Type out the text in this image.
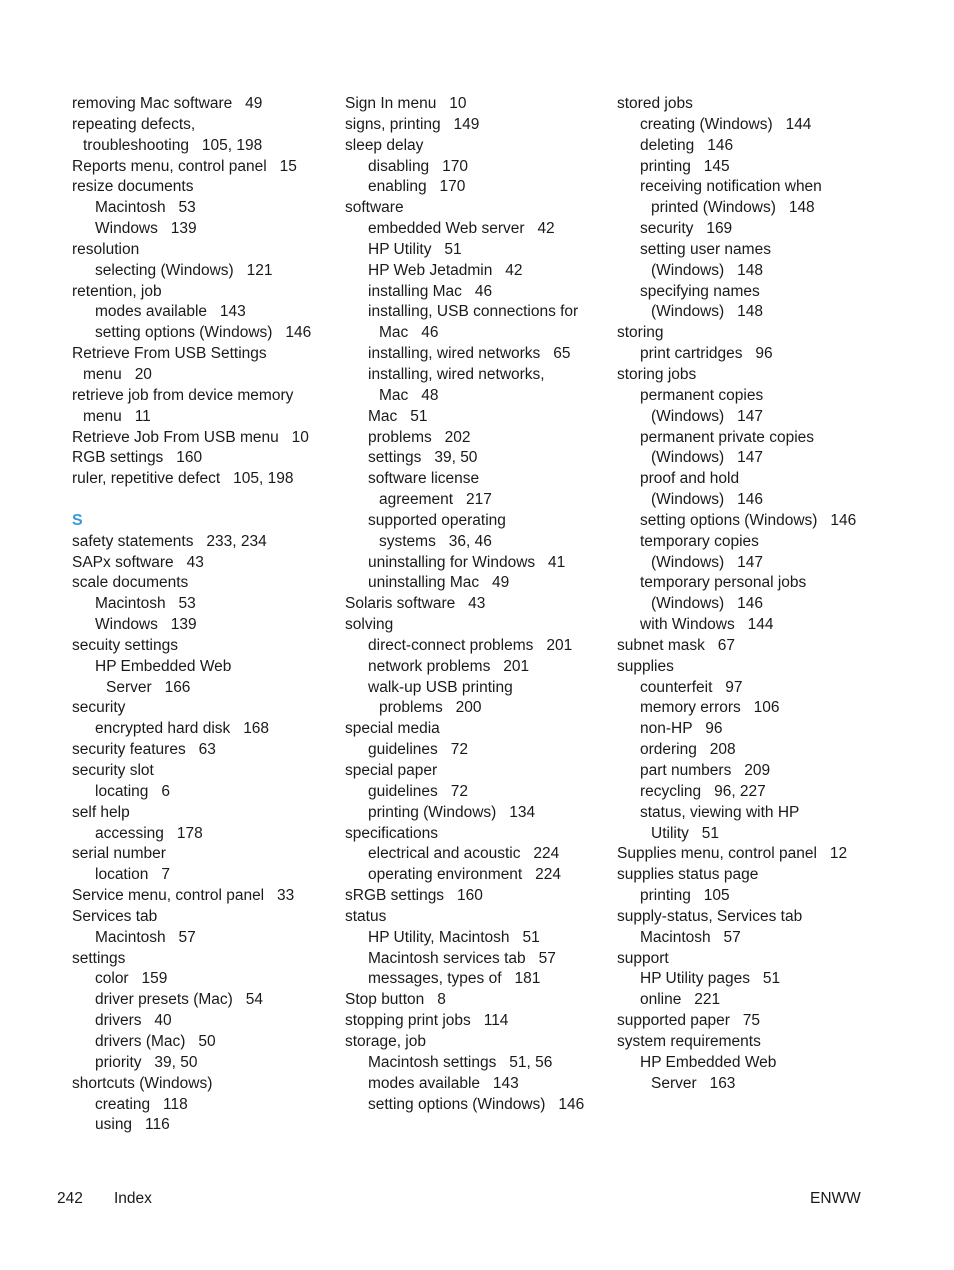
removing Mac software   49
repeating defects,
troubleshooting   105, 198
Reports menu, control panel   15
resize documents
Macintosh   53
Windows   139
resolution
selecting (Windows)   121
retention, job
modes available   143
setting options (Windows)   146
Retrieve From USB Settings
menu   20
retrieve job from device memory
menu   11
Retrieve Job From USB menu   10
RGB settings   160
ruler, repetitive defect   105, 198
S
safety statements   233, 234
SAPx software   43
scale documents
Macintosh   53
Windows   139
secuity settings
HP Embedded Web
Server   166
security
encrypted hard disk   168
security features   63
security slot
locating   6
self help
accessing   178
serial number
location   7
Service menu, control panel   33
Services tab
Macintosh   57
settings
color   159
driver presets (Mac)   54
drivers   40
drivers (Mac)   50
priority   39, 50
shortcuts (Windows)
creating   118
using   116
Sign In menu   10
signs, printing   149
sleep delay
disabling   170
enabling   170
software
embedded Web server   42
HP Utility   51
HP Web Jetadmin   42
installing Mac   46
installing, USB connections for
Mac   46
installing, wired networks   65
installing, wired networks,
Mac   48
Mac   51
problems   202
settings   39, 50
software license
agreement   217
supported operating
systems   36, 46
uninstalling for Windows   41
uninstalling Mac   49
Solaris software   43
solving
direct-connect problems   201
network problems   201
walk-up USB printing
problems   200
special media
guidelines   72
special paper
guidelines   72
printing (Windows)   134
specifications
electrical and acoustic   224
operating environment   224
sRGB settings   160
status
HP Utility, Macintosh   51
Macintosh services tab   57
messages, types of   181
Stop button   8
stopping print jobs   114
storage, job
Macintosh settings   51, 56
modes available   143
setting options (Windows)   146
stored jobs
creating (Windows)   144
deleting   146
printing   145
receiving notification when
printed (Windows)   148
security   169
setting user names
(Windows)   148
specifying names
(Windows)   148
storing
print cartridges   96
storing jobs
permanent copies
(Windows)   147
permanent private copies
(Windows)   147
proof and hold
(Windows)   146
setting options (Windows)   146
temporary copies
(Windows)   147
temporary personal jobs
(Windows)   146
with Windows   144
subnet mask   67
supplies
counterfeit   97
memory errors   106
non-HP   96
ordering   208
part numbers   209
recycling   96, 227
status, viewing with HP
Utility   51
Supplies menu, control panel   12
supplies status page
printing   105
supply-status, Services tab
Macintosh   57
support
HP Utility pages   51
online   221
supported paper   75
system requirements
HP Embedded Web
Server   163
242 Index	ENWW
